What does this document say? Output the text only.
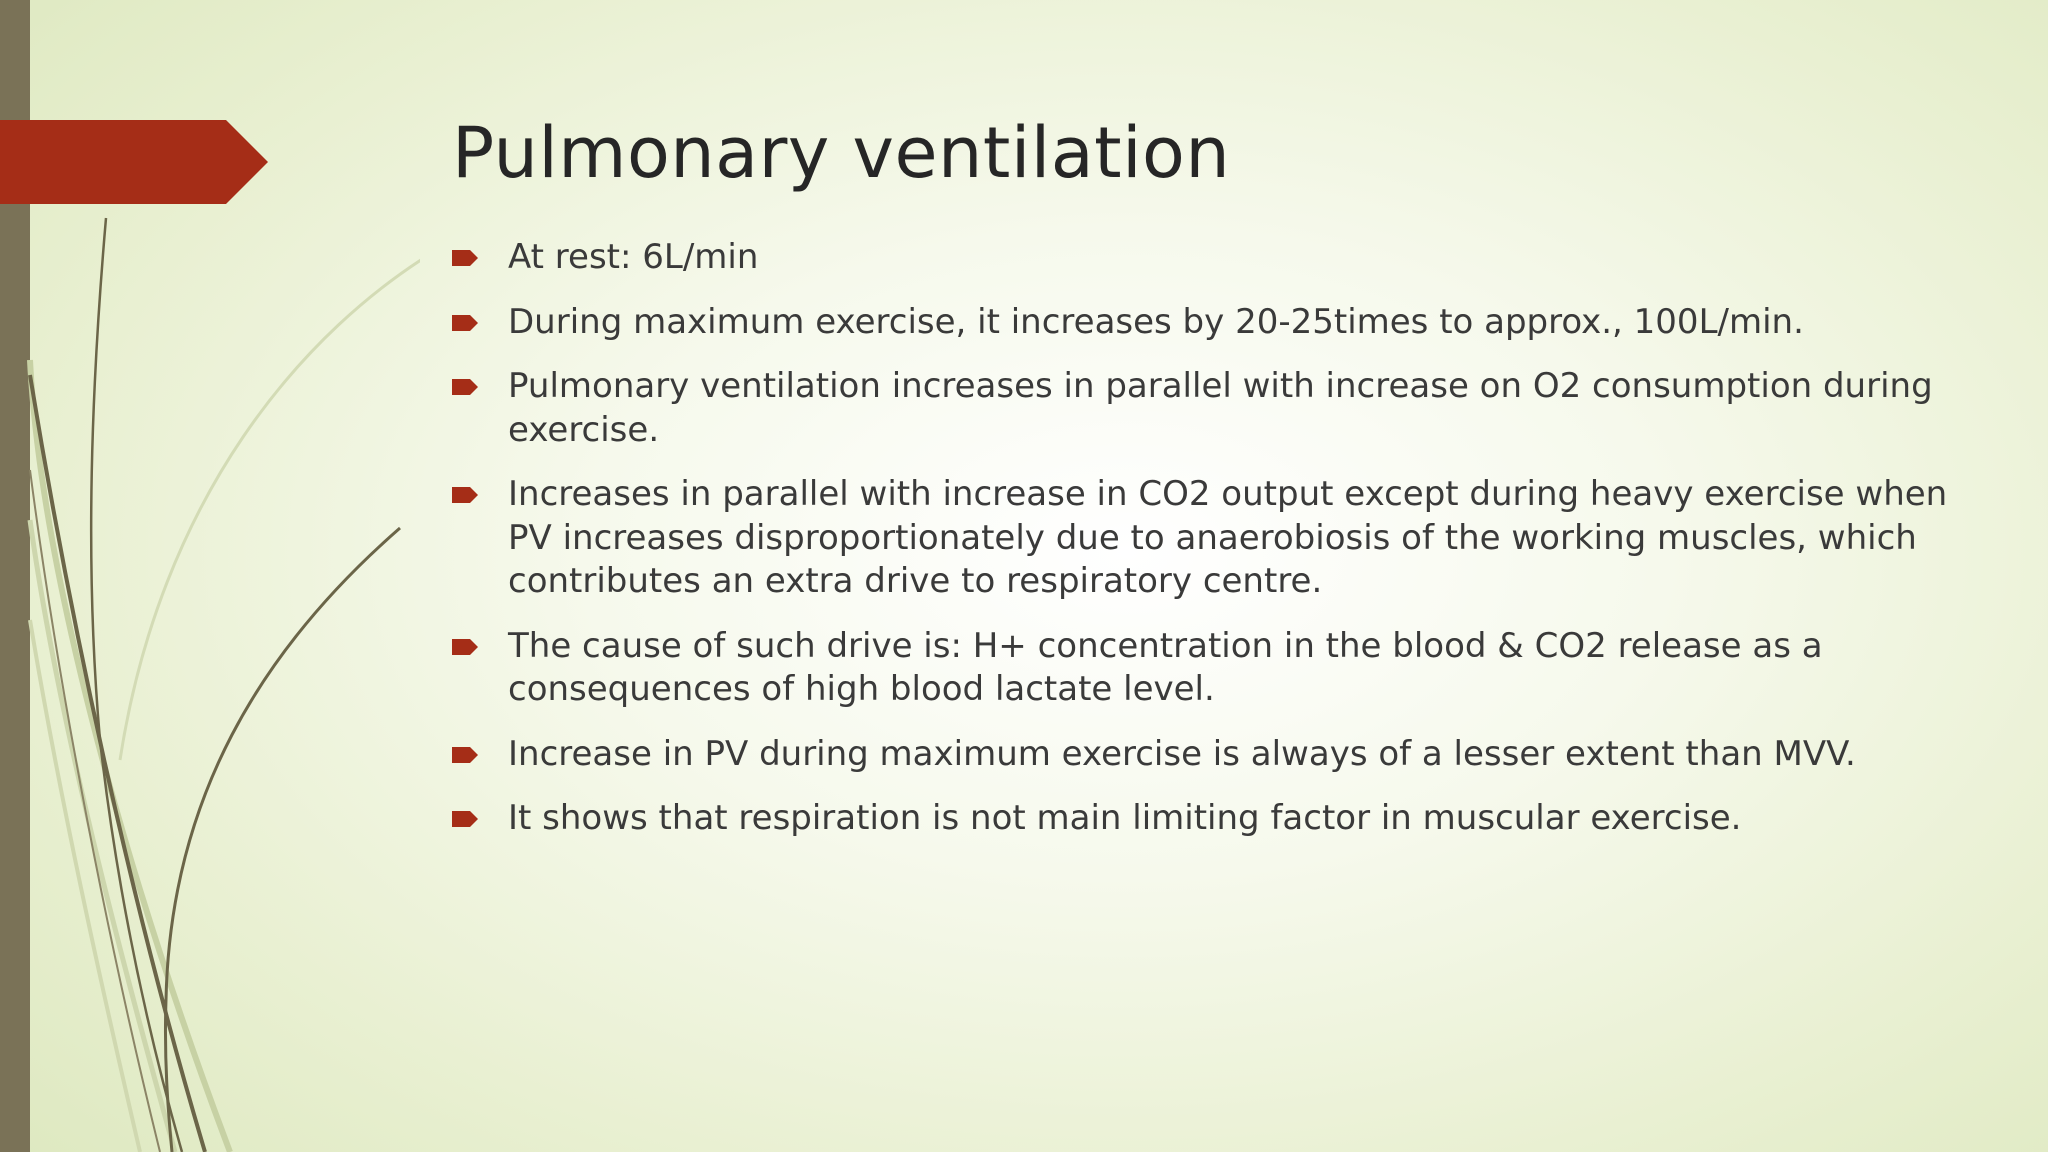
Pulmonary ventilation
At rest: 6L/min
During maximum exercise, it increases by 20-25times to approx., 100L/min.
Pulmonary ventilation increases in parallel with increase on O2 consumption during exercise.
Increases in parallel with increase in CO2 output except during heavy exercise when PV increases disproportionately due to anaerobiosis of the working muscles, which contributes an extra drive to respiratory centre.
The cause of such drive is: H+ concentration in the blood & CO2 release as a consequences of high blood lactate level.
Increase in PV during maximum exercise is always of a lesser extent than MVV.
It shows that respiration is not main limiting factor in muscular exercise.
